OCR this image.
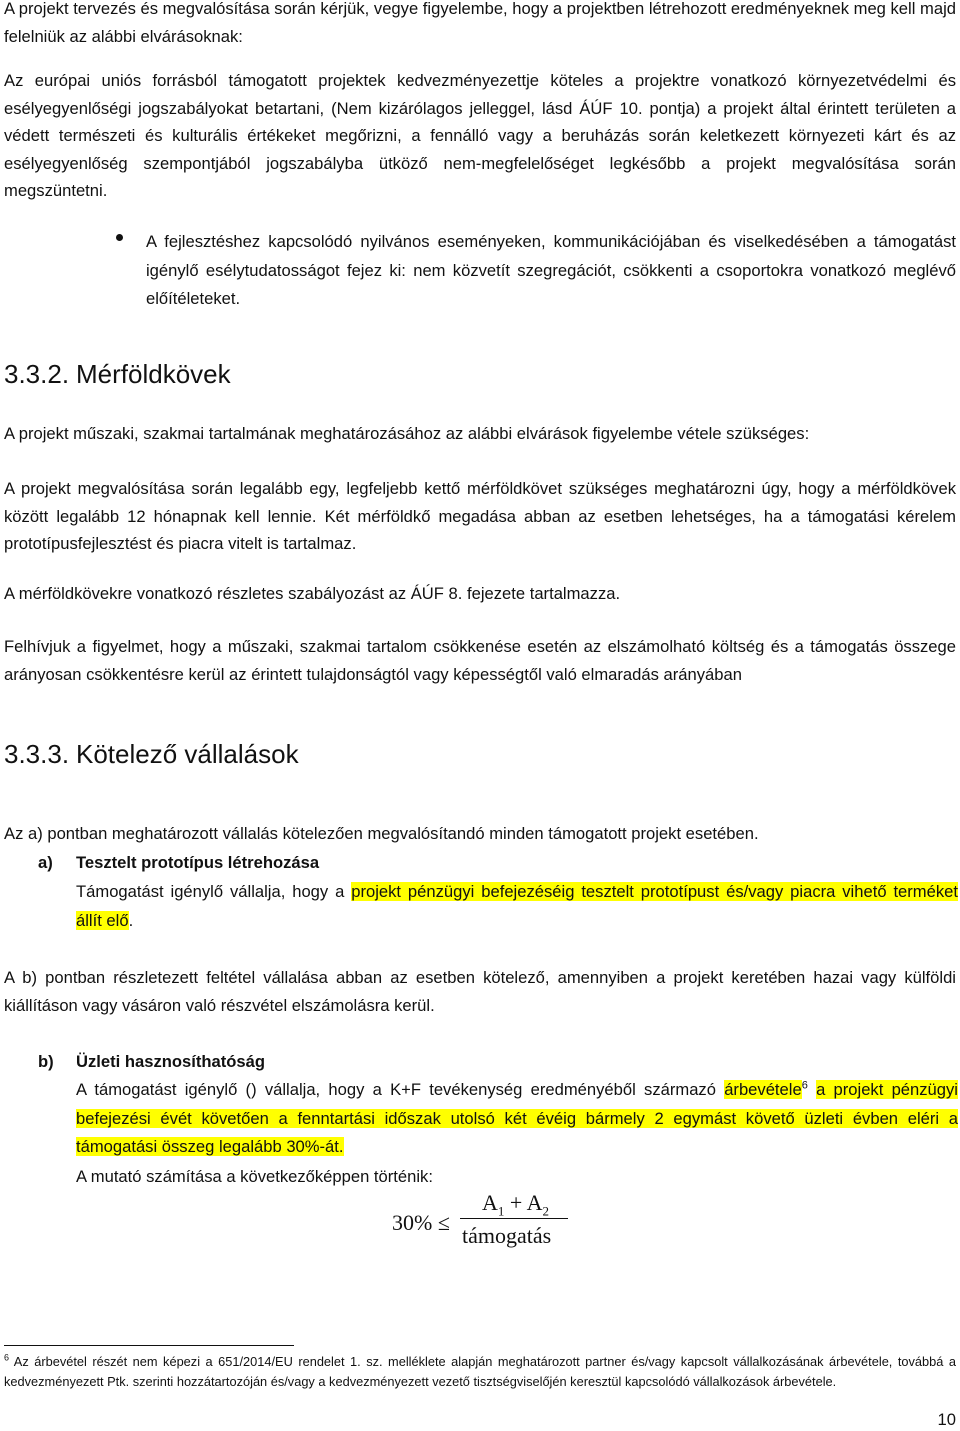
A projekt tervezés és megvalósítása során kérjük, vegye figyelembe, hogy a projektben létrehozott eredményeknek meg kell majd felelniük az alábbi elvárásoknak:

Az európai uniós forrásból támogatott projektek kedvezményezettje köteles a projektre vonatkozó környezetvédelmi és esélyegyenlőségi jogszabályokat betartani, (Nem kizárólagos jelleggel, lásd ÁÚF 10. pontja) a projekt által érintett területen a védett természeti és kulturális értékeket megőrizni, a fennálló vagy a beruházás során keletkezett környezeti kárt és az esélyegyenlőség szempontjából jogszabályba ütköző nem-megfelelőséget legkésőbb a projekt megvalósítása során megszüntetni.

A fejlesztéshez kapcsolódó nyilvános eseményeken, kommunikációjában és viselkedésében a támogatást igénylő esélytudatosságot fejez ki: nem közvetít szegregációt, csökkenti a csoportokra vonatkozó meglévő előítéleteket.

3.3.2. Mérföldkövek

A projekt műszaki, szakmai tartalmának meghatározásához az alábbi elvárások figyelembe vétele szükséges:

A projekt megvalósítása során legalább egy, legfeljebb kettő mérföldkövet szükséges meghatározni úgy, hogy a mérföldkövek között legalább 12 hónapnak kell lennie. Két mérföldkő megadása abban az esetben lehetséges, ha a támogatási kérelem prototípusfejlesztést és piacra vitelt is tartalmaz.

A mérföldkövekre vonatkozó részletes szabályozást az ÁÚF 8. fejezete tartalmazza.

Felhívjuk a figyelmet, hogy a műszaki, szakmai tartalom csökkenése esetén az elszámolható költség és a támogatás összege arányosan csökkentésre kerül az érintett tulajdonságtól vagy képességtől való elmaradás arányában

3.3.3. Kötelező vállalások

Az a) pontban meghatározott vállalás kötelezően megvalósítandó minden támogatott projekt esetében.

a) Tesztelt prototípus létrehozása

Támogatást igénylő vállalja, hogy a projekt pénzügyi befejezéséig tesztelt prototípust és/vagy piacra vihető terméket állít elő.

A b) pontban részletezett feltétel vállalása abban az esetben kötelező, amennyiben a projekt keretében hazai vagy külföldi kiállításon vagy vásáron való részvétel elszámolásra kerül.

b) Üzleti hasznosíthatóság

A támogatást igénylő () vállalja, hogy a K+F tevékenység eredményéből származó árbevétele$^6$ a projekt pénzügyi befejezési évét követően a fenntartási időszak utolsó két évéig bármely 2 egymást követő üzleti évben eléri a támogatási összeg legalább 30%-át.

A mutató számítása a következőképpen történik:

30% ≤
$A_1 + A_2$
támogatás

$^6$ Az árbevétel részét nem képezi a 651/2014/EU rendelet 1. sz. melléklete alapján meghatározott partner és/vagy kapcsolt vállalkozásának árbevétele, továbbá a kedvezményezett Ptk. szerinti hozzátartozóján és/vagy a kedvezményezett vezető tisztségviselőjén keresztül kapcsolódó vállalkozások árbevétele.

10
